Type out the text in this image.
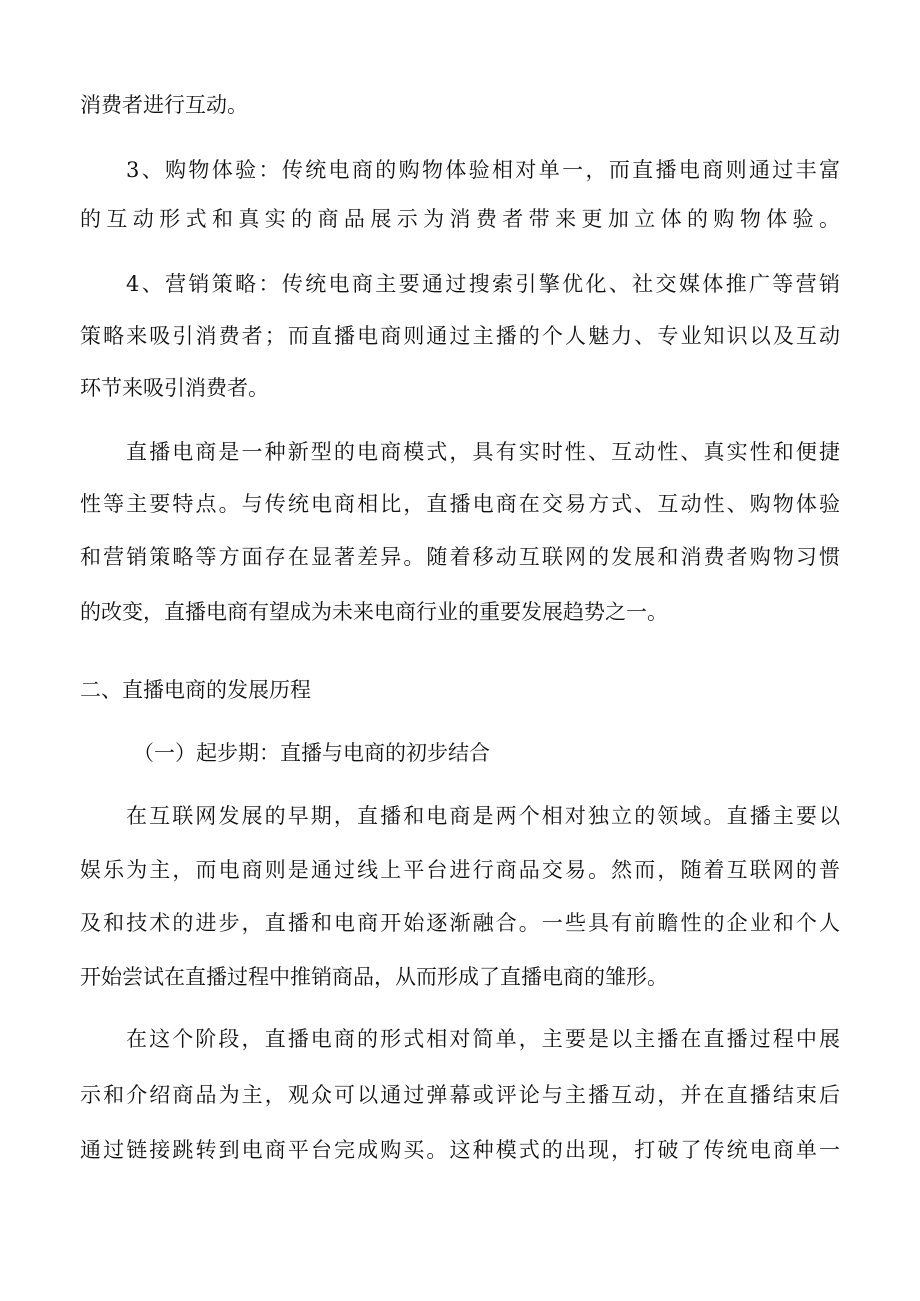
消费者进行互动。
3、购物体验：传统电商的购物体验相对单一，而直播电商则通过丰富
的互动形式和真实的商品展示为消费者带来更加立体的购物体验。
4、营销策略：传统电商主要通过搜索引擎优化、社交媒体推广等营销
策略来吸引消费者；而直播电商则通过主播的个人魅力、专业知识以及互动
环节来吸引消费者。
直播电商是一种新型的电商模式，具有实时性、互动性、真实性和便捷
性等主要特点。与传统电商相比，直播电商在交易方式、互动性、购物体验
和营销策略等方面存在显著差异。随着移动互联网的发展和消费者购物习惯
的改变，直播电商有望成为未来电商行业的重要发展趋势之一。
二、直播电商的发展历程
（一）起步期：直播与电商的初步结合
在互联网发展的早期，直播和电商是两个相对独立的领域。直播主要以
娱乐为主，而电商则是通过线上平台进行商品交易。然而，随着互联网的普
及和技术的进步，直播和电商开始逐渐融合。一些具有前瞻性的企业和个人
开始尝试在直播过程中推销商品，从而形成了直播电商的雏形。
在这个阶段，直播电商的形式相对简单，主要是以主播在直播过程中展
示和介绍商品为主，观众可以通过弹幕或评论与主播互动，并在直播结束后
通过链接跳转到电商平台完成购买。这种模式的出现，打破了传统电商单一
